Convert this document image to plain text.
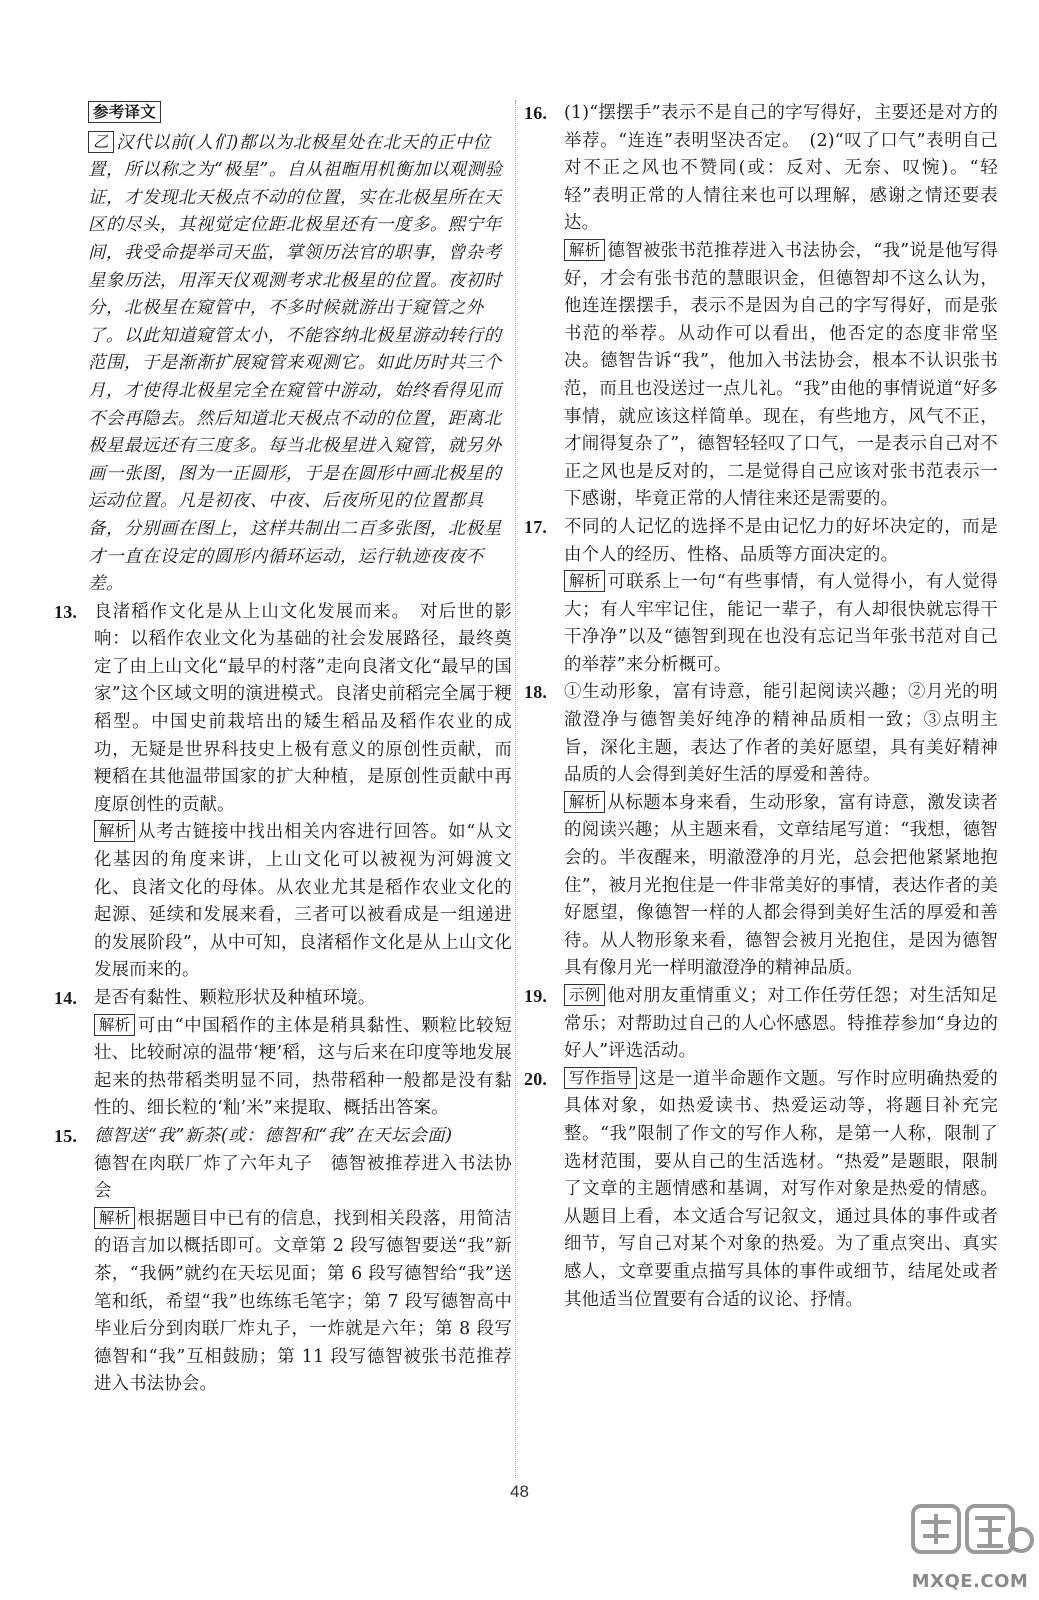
参考译文
乙 汉代以前(人们)都以为北极星处在北天的正中位置，所以称之为“极星”。自从祖暅用机衡加以观测验证，才发现北天极点不动的位置，实在北极星所在天区的尽头，其视觉定位距北极星还有一度多。熙宁年间，我受命提举司天监，掌领历法官的职事，曾杂考星象历法，用浑天仪观测考求北极星的位置。夜初时分，北极星在窥管中，不多时候就游出于窥管之外了。以此知道窥管太小，不能容纳北极星游动转行的范围，于是渐渐扩展窥管来观测它。如此历时共三个月，才使得北极星完全在窥管中游动，始终看得见而不会再隐去。然后知道北天极点不动的位置，距离北极星最远还有三度多。每当北极星进入窥管，就另外画一张图，图为一正圆形，于是在圆形中画北极星的运动位置。凡是初夜、中夜、后夜所见的位置都具备，分别画在图上，这样共制出二百多张图，北极星才一直在设定的圆形内循环运动，运行轨迹夜夜不差。
13. 良渚稻作文化是从上山文化发展而来。　对后世的影响：以稻作农业文化为基础的社会发展路径，最终奠定了由上山文化“最早的村落”走向良渚文化“最早的国家”这个区域文明的演进模式。良渚史前稻完全属于粳稻型。中国史前栽培出的矮生稻品及稻作农业的成功，无疑是世界科技史上极有意义的原创性贡献，而粳稻在其他温带国家的扩大种植，是原创性贡献中再度原创性的贡献。
解析 从考古链接中找出相关内容进行回答。如“从文化基因的角度来讲，上山文化可以被视为河姆渡文化、良渚文化的母体。从农业尤其是稻作农业文化的起源、延续和发展来看，三者可以被看成是一组递进的发展阶段”，从中可知，良渚稻作文化是从上山文化发展而来的。
14. 是否有黏性、颗粒形状及种植环境。
解析 可由“中国稻作的主体是稍具黏性、颗粒比较短壮、比较耐凉的温带‘粳’稻，这与后来在印度等地发展起来的热带稻类明显不同，热带稻种一般都是没有黏性的、细长粒的‘籼’米”来提取、概括出答案。
15. 德智送“我”新茶(或：德智和“我”在天坛会面)
德智在肉联厂炸了六年丸子　德智被推荐进入书法协会
解析 根据题目中已有的信息，找到相关段落，用简洁的语言加以概括即可。文章第 2 段写德智要送“我”新茶，“我俩”就约在天坛见面；第 6 段写德智给“我”送笔和纸，希望“我”也练练毛笔字；第 7 段写德智高中毕业后分到肉联厂炸丸子，一炸就是六年；第 8 段写德智和“我”互相鼓励；第 11 段写德智被张书范推荐进入书法协会。
16. (1)“摆摆手”表示不是自己的字写得好，主要还是对方的举荐。“连连”表明坚决否定。　(2)“叹了口气”表明自己对不正之风也不赞同(或：反对、无奈、叹惋)。“轻轻”表明正常的人情往来也可以理解，感谢之情还要表达。
解析 德智被张书范推荐进入书法协会，“我”说是他写得好，才会有张书范的慧眼识金，但德智却不这么认为，他连连摆摆手，表示不是因为自己的字写得好，而是张书范的举荐。从动作可以看出，他否定的态度非常坚决。德智告诉“我”，他加入书法协会，根本不认识张书范，而且也没送过一点儿礼。“我”由他的事情说道“好多事情，就应该这样简单。现在，有些地方，风气不正，才闹得复杂了”，德智轻轻叹了口气，一是表示自己对不正之风也是反对的，二是觉得自己应该对张书范表示一下感谢，毕竟正常的人情往来还是需要的。
17. 不同的人记忆的选择不是由记忆力的好坏决定的，而是由个人的经历、性格、品质等方面决定的。
解析 可联系上一句“有些事情，有人觉得小，有人觉得大；有人牢牢记住，能记一辈子，有人却很快就忘得干干净净”以及“德智到现在也没有忘记当年张书范对自己的举荐”来分析概可。
18. ①生动形象，富有诗意，能引起阅读兴趣；②月光的明澈澄净与德智美好纯净的精神品质相一致；③点明主旨，深化主题，表达了作者的美好愿望，具有美好精神品质的人会得到美好生活的厚爱和善待。
解析 从标题本身来看，生动形象，富有诗意，激发读者的阅读兴趣；从主题来看，文章结尾写道：“我想，德智会的。半夜醒来，明澈澄净的月光，总会把他紧紧地抱住”，被月光抱住是一件非常美好的事情，表达作者的美好愿望，像德智一样的人都会得到美好生活的厚爱和善待。从人物形象来看，德智会被月光抱住，是因为德智具有像月光一样明澈澄净的精神品质。
19.	示例 他对朋友重情重义；对工作任劳任怨；对生活知足常乐；对帮助过自己的人心怀感恩。特推荐参加“身边的好人”评选活动。
20.	写作指导 这是一道半命题作文题。写作时应明确热爱的具体对象，如热爱读书、热爱运动等，将题目补充完整。“我”限制了作文的写作人称，是第一人称，限制了选材范围，要从自己的生活选材。“热爱”是题眼，限制了文章的主题情感和基调，对写作对象是热爱的情感。从题目上看，本文适合写记叙文，通过具体的事件或者细节，写自己对某个对象的热爱。为了重点突出、真实感人，文章要重点描写具体的事件或细节，结尾处或者其他适当位置要有合适的议论、抒情。
48
MXQE.COM
